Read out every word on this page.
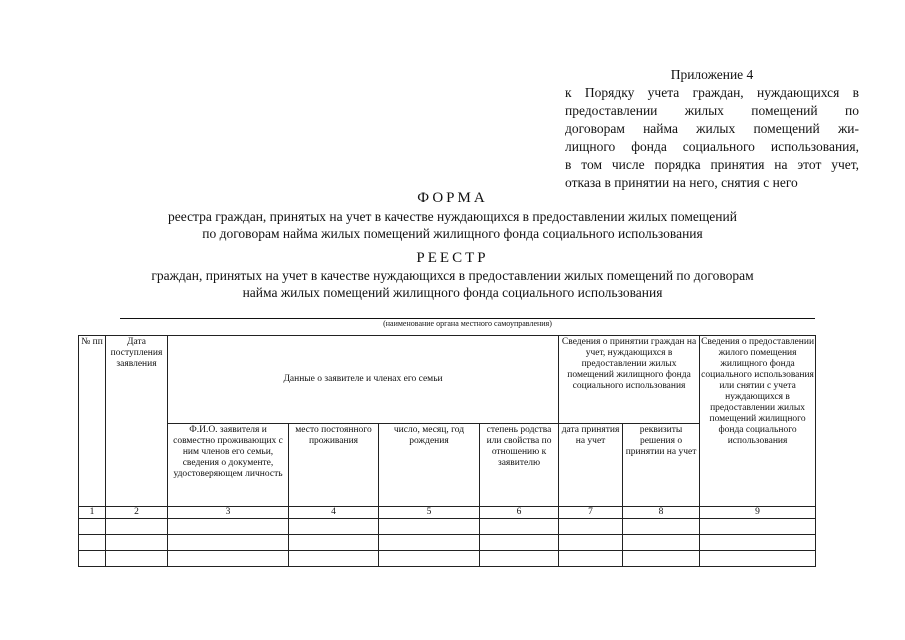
Приложение 4
к Порядку учета граждан, нуждающихся в
предоставлении жилых помещений по
договорам найма жилых помещений жи-
лищного фонда социального использования,
в том числе порядка принятия на этот учет,
отказа в принятии на него, снятия с него
ФОРМА
реестра граждан, принятых на учет в качестве нуждающихся в предоставлении жилых помещений
по договорам найма жилых помещений жилищного фонда социального использования
РЕЕСТР
граждан, принятых на учет в качестве нуждающихся в предоставлении жилых помещений по договорам
найма жилых помещений жилищного фонда социального использования
(наименование органа местного самоуправления)
№ пп	Дата поступления заявления	Данные о заявителе и членах его семьи				Сведения о принятии граждан на учет, нуждающихся в предоставлении жилых помещений жилищного фонда социального использования		Сведения о предоставлении жилого помещения жилищного фонда социального использования или снятии с учета нуждающихся в предоставлении жилых помещений жилищного фонда социального использования
		Ф.И.О. заявителя и совместно проживающих с ним членов его семьи, сведения о документе, удостоверяющем личность	место постоянного проживания	число, месяц, год рождения	степень родства или свойства по отношению к заявителю	дата принятия на учет	реквизиты решения о принятии на учет	
1	2	3	4	5	6	7	8	9
